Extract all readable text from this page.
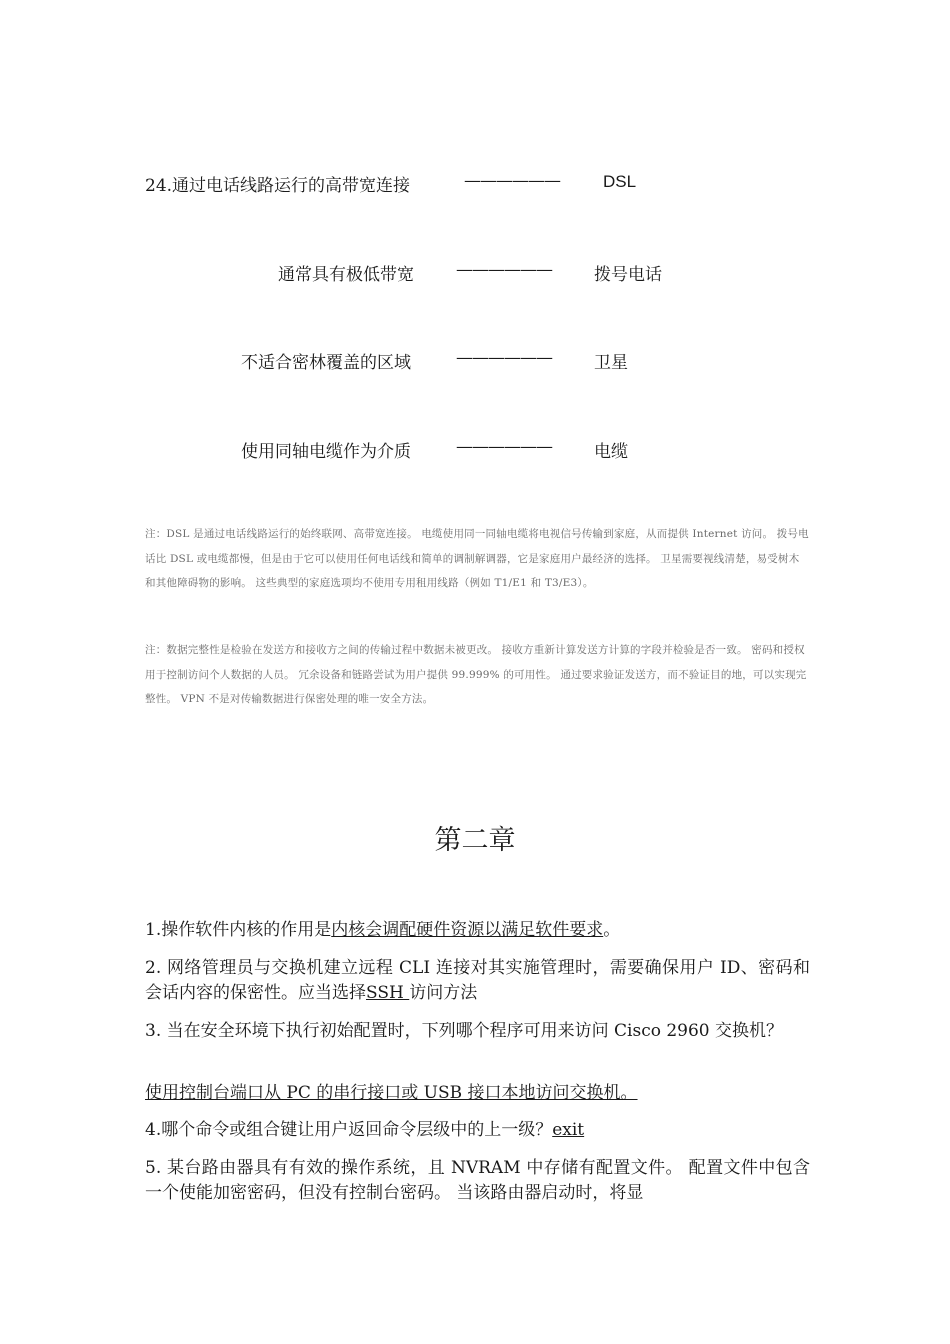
24.通过电话线路运行的高带宽连接	——————	DSL
通常具有极低带宽 —————— 拨号电话
不适合密林覆盖的区域	—————— 卫星
使用同轴电缆作为介质	—————— 电缆
注：DSL 是通过电话线路运行的始终联网、高带宽连接。 电缆使用同一同轴电缆将电视信号传输到家庭，从而提供 Internet 访问。 拨号电话比 DSL 或电缆都慢，但是由于它可以使用任何电话线和简单的调制解调器，它是家庭用户最经济的选择。 卫星需要视线清楚，易受树木和其他障碍物的影响。 这些典型的家庭选项均不使用专用租用线路（例如 T1/E1 和 T3/E3）。
注：数据完整性是检验在发送方和接收方之间的传输过程中数据未被更改。 接收方重新计算发送方计算的字段并检验是否一致。 密码和授权用于控制访问个人数据的人员。 冗余设备和链路尝试为用户提供 99.999% 的可用性。 通过要求验证发送方，而不验证目的地，可以实现完整性。 VPN 不是对传输数据进行保密处理的唯一安全方法。
第二章
1.操作软件内核的作用是内核会调配硬件资源以满足软件要求。
2. 网络管理员与交换机建立远程 CLI 连接对其实施管理时，需要确保用户 ID、密码和会话内容的保密性。应当选择SSH 访问方法
3. 当在安全环境下执行初始配置时，下列哪个程序可用来访问 Cisco 2960 交换机？
使用控制台端口从 PC 的串行接口或 USB 接口本地访问交换机。
4.哪个命令或组合键让用户返回命令层级中的上一级？exit
5. 某台路由器具有有效的操作系统，且 NVRAM 中存储有配置文件。 配置文件中包含一个使能加密密码，但没有控制台密码。 当该路由器启动时，将显
